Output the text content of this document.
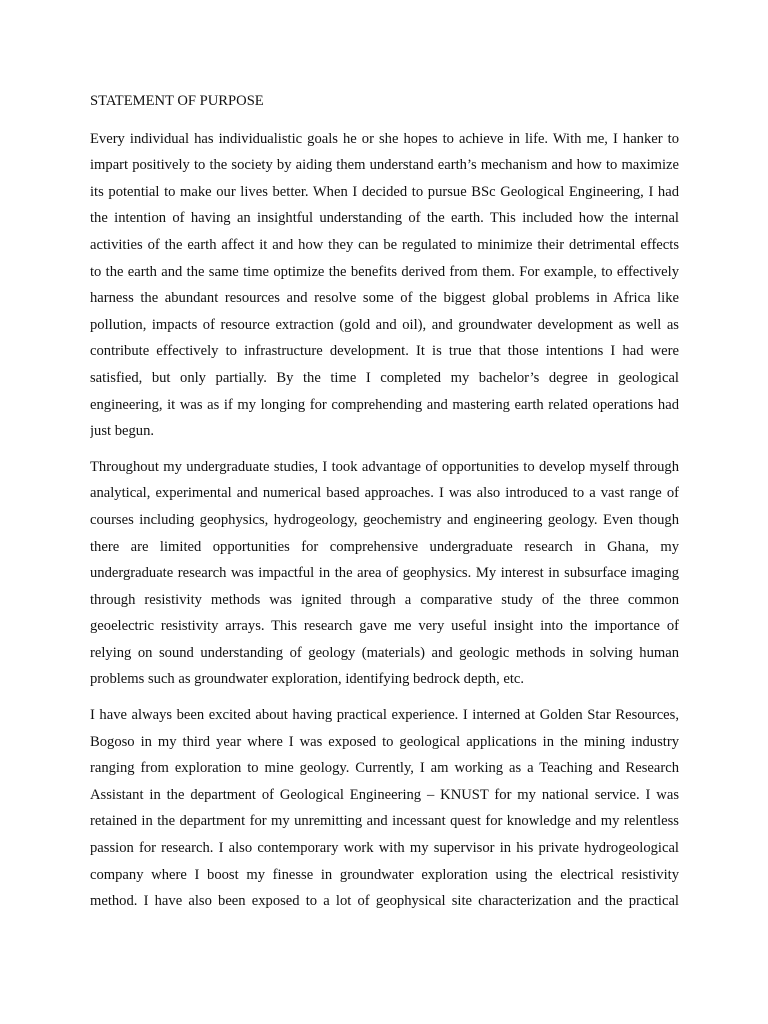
STATEMENT OF PURPOSE
Every individual has individualistic goals he or she hopes to achieve in life. With me, I hanker to
impart positively to the society by aiding them understand earth’s mechanism and how to maximize
its potential to make our lives better. When I decided to pursue BSc Geological Engineering, I had
the intention of having an insightful understanding of the earth. This included how the internal
activities of the earth affect it and how they can be regulated to minimize their detrimental effects
to the earth and the same time optimize the benefits derived from them. For example, to effectively
harness the abundant resources and resolve some of the biggest global problems in Africa like
pollution, impacts of resource extraction (gold and oil), and groundwater development as well as
contribute effectively to infrastructure development. It is true that those intentions I had were
satisfied, but only partially. By the time I completed my bachelor’s degree in geological
engineering, it was as if my longing for comprehending and mastering earth related operations had
just begun.
Throughout my undergraduate studies, I took advantage of opportunities to develop myself through
analytical, experimental and numerical based approaches. I was also introduced to a vast range of
courses including geophysics, hydrogeology, geochemistry and engineering geology. Even though
there are limited opportunities for comprehensive undergraduate research in Ghana, my
undergraduate research was impactful in the area of geophysics. My interest in subsurface imaging
through resistivity methods was ignited through a comparative study of the three common
geoelectric resistivity arrays. This research gave me very useful insight into the importance of
relying on sound understanding of geology (materials) and geologic methods in solving human
problems such as groundwater exploration, identifying bedrock depth, etc.
I have always been excited about having practical experience. I interned at Golden Star Resources,
Bogoso in my third year where I was exposed to geological applications in the mining industry
ranging from exploration to mine geology. Currently, I am working as a Teaching and Research
Assistant in the department of Geological Engineering – KNUST for my national service. I was
retained in the department for my unremitting and incessant quest for knowledge and my relentless
passion for research. I also contemporary work with my supervisor in his private hydrogeological
company where I boost my finesse in groundwater exploration using the electrical resistivity
method. I have also been exposed to a lot of geophysical site characterization and the practical
